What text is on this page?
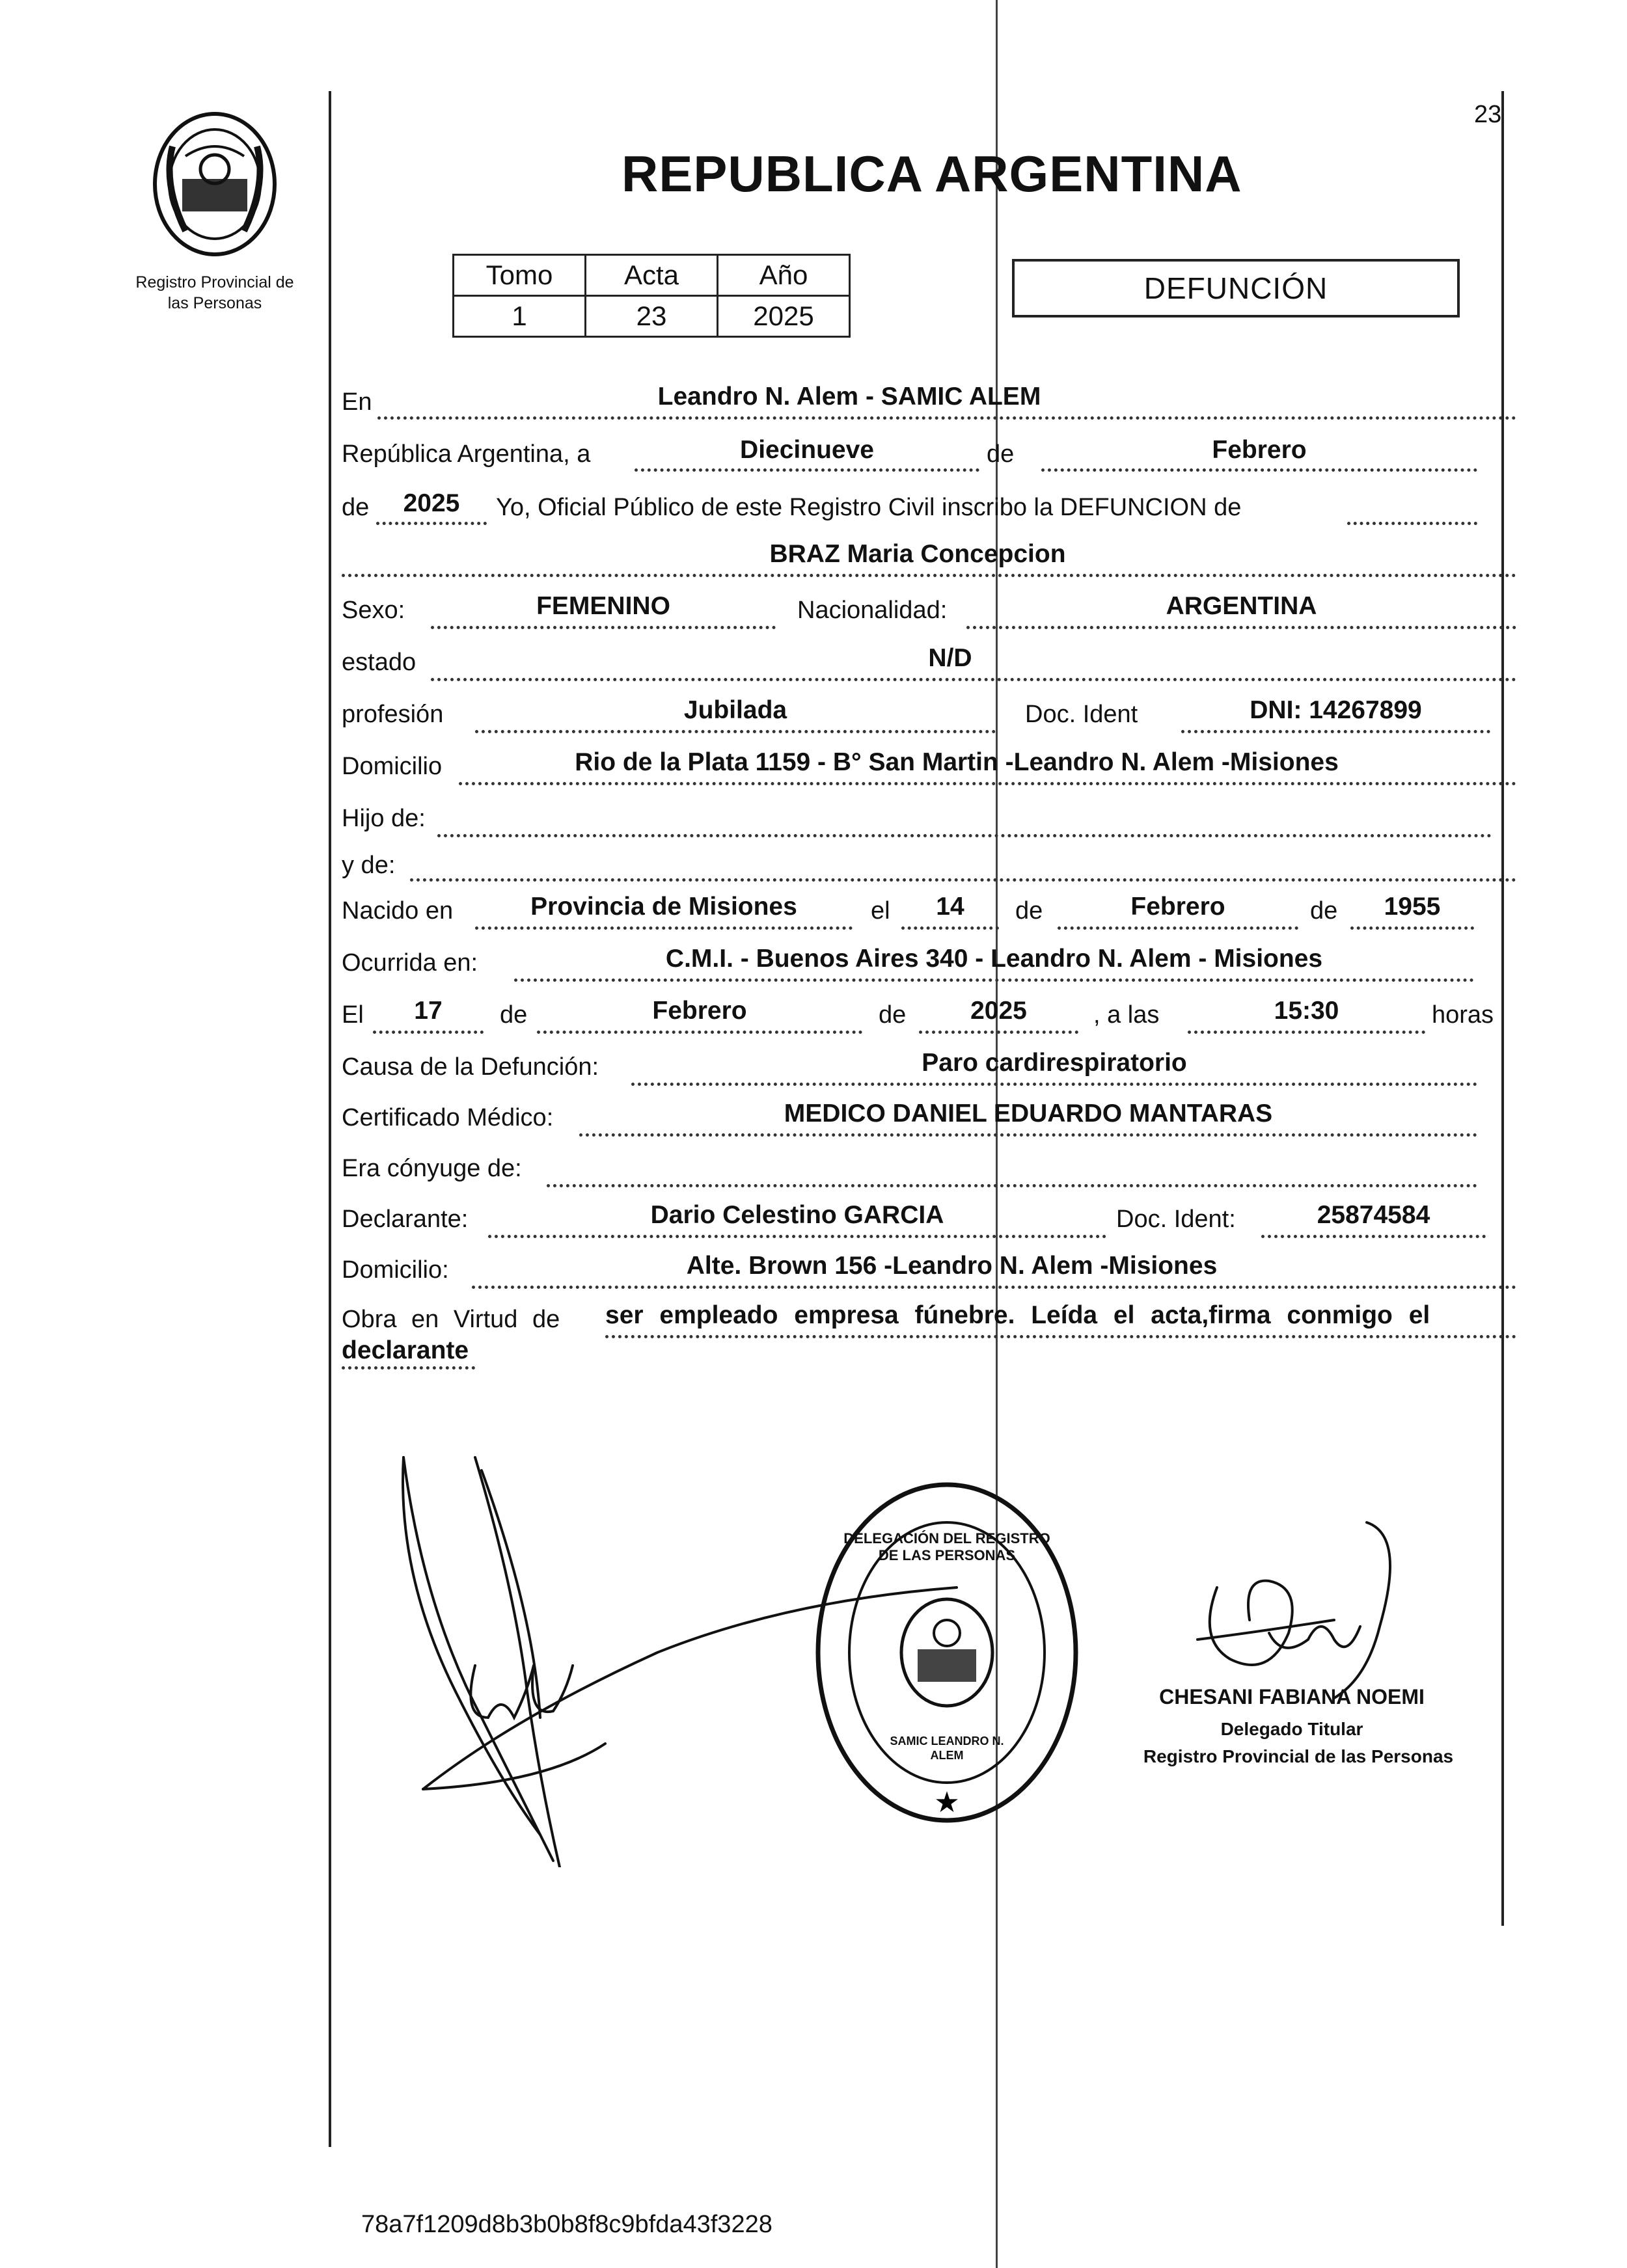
23
Registro Provincial de
las Personas
REPUBLICA ARGENTINA
Tomo	Acta	Año
1	23	2025
DEFUNCIÓN
En	Leandro N. Alem - SAMIC ALEM
República Argentina, a	Diecinueve	de	Febrero
de	2025	Yo, Oficial Público de este Registro Civil inscribo la DEFUNCION de
BRAZ Maria Concepcion
Sexo:	FEMENINO	Nacionalidad:	ARGENTINA
estado	N/D
profesión	Jubilada	Doc. Ident	DNI: 14267899
Domicilio	Rio de la Plata 1159 - B° San Martin -Leandro N. Alem -Misiones
Hijo de:
y de:
Nacido en	Provincia de Misiones	el	14	de	Febrero	de	1955
Ocurrida en:	C.M.I. - Buenos Aires 340 - Leandro N. Alem - Misiones
El	17	de	Febrero	de	2025	, a las	15:30	horas
Causa de la Defunción:	Paro cardirespiratorio
Certificado Médico:	MEDICO DANIEL EDUARDO MANTARAS
Era cónyuge de:
Declarante:	Dario Celestino GARCIA	Doc. Ident:	25874584
Domicilio:	Alte. Brown 156 -Leandro N. Alem -Misiones
Obra en Virtud de ser empleado empresa fúnebre. Leída el acta,firma conmigo el
declarante
★
DELEGACIÓN DEL REGISTRO DE LAS PERSONAS
SAMIC LEANDRO N. ALEM
CHESANI FABIANA NOEMI
Delegado Titular
Registro Provincial de las Personas
78a7f1209d8b3b0b8f8c9bfda43f3228
